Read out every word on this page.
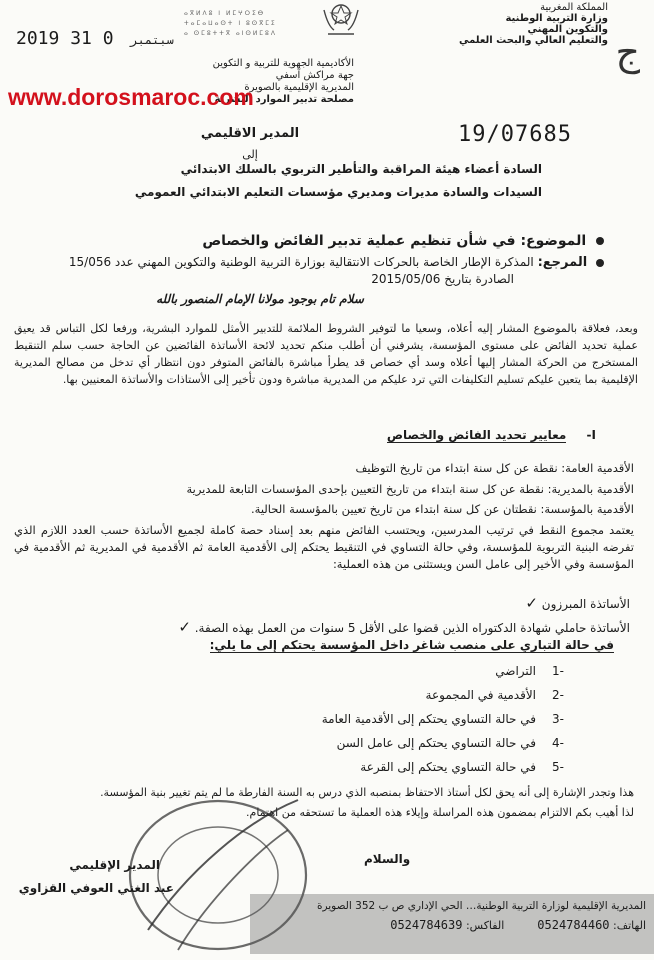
2019	سبتمبر 0 31
ⴰⴳⵍⴷⵓ ⵏ ⵍⵎⵖⵔⵉⴱ
ⵜⴰⵎⴰⵡⴰⵙⵜ ⵏ ⵓⵙⴳⵎⵉ
ⴰ ⵙⵎⵓⵜⵜⴳ ⴰⵏⵙⵍⵎⵓⴷ
المملكة المغربية
وزارة التربية الوطنية
والتكوين المهني
والتعليم العالي والبحث العلمي ج
الأكاديمية الجهوية للتربية و التكوين
جهة مراكش آسفي
المديرية الإقليمية بالصويرة
مصلحة تدبير الموارد البشرية
www.dorosmaroc.com
19/07685
المدير الاقليمي
إلى
السادة أعضاء هيئة المراقبة والتأطير التربوي بالسلك الابتدائي
السيدات والسادة مديرات ومديري مؤسسات التعليم الابتدائي العمومي
الموضوع: في شأن تنظيم عملية تدبير الفائض والخصاص
المرجع: المذكرة الإطار الخاصة بالحركات الانتقالية بوزارة التربية الوطنية والتكوين المهني عدد 15/056
الصادرة بتاريخ 2015/05/06
سلام تام بوجود مولانا الإمام المنصور بالله
وبعد، فعلاقة بالموضوع المشار إليه أعلاه، وسعيا ما لتوفير الشروط الملائمة للتدبير الأمثل للموارد البشرية، ورفعا لكل التباس قد يعيق عملية تحديد الفائض على مستوى المؤسسة، يشرفني أن أطلب منكم تحديد لائحة الأساتذة الفائضين عن الحاجة حسب سلم التنقيط المستخرج من الحركة المشار إليها أعلاه وسد أي خصاص قد يطرأ مباشرة بالفائض المتوفر دون انتظار أي تدخل من مصالح المديرية الإقليمية بما يتعين عليكم تسليم التكليفات التي ترد عليكم من المديرية مباشرة ودون تأخير إلى الأستاذات والأساتذة المعنيين بها.
I- معايير تحديد الفائض والخصاص
الأقدمية العامة: نقطة عن كل سنة ابتداء من تاريخ التوظيف
الأقدمية بالمديرية: نقطة عن كل سنة ابتداء من تاريخ التعيين بإحدى المؤسسات التابعة للمديرية
الأقدمية بالمؤسسة: نقطتان عن كل سنة ابتداء من تاريخ تعيين بالمؤسسة الحالية.
يعتمد مجموع النقط في ترتيب المدرسين، ويحتسب الفائض منهم بعد إسناد حصة كاملة لجميع الأساتذة حسب العدد اللازم الذي تفرضه البنية التربوية للمؤسسة، وفي حالة التساوي في التنقيط يحتكم إلى الأقدمية العامة ثم الأقدمية في المديرية ثم الأقدمية في المؤسسة وفي الأخير إلى عامل السن ويستثنى من هذه العملية:
الأساتذة المبرزون ✓
الأساتذة حاملي شهادة الدكتوراه الذين قضوا على الأقل 5 سنوات من العمل بهذه الصفة. ✓
في حالة التباري على منصب شاغر داخل المؤسسة يحتكم إلى ما يلي:
-1التراضي
-2الأقدمية في المجموعة
-3في حالة التساوي يحتكم إلى الأقدمية العامة
-4في حالة التساوي يحتكم إلى عامل السن
-5في حالة التساوي يحتكم إلى القرعة
هذا وتجدر الإشارة إلى أنه يحق لكل أستاذ الاحتفاظ بمنصبه الذي درس به السنة الفارطة ما لم يتم تغيير بنية المؤسسة.
لذا أهيب بكم الالتزام بمضمون هذه المراسلة وإيلاء هذه العملية ما تستحقه من اهتمام.
والسلام
المدير الإقليمي
عبد الغني العوفي القزاوي
المديرية الإقليمية لوزارة التربية الوطنية… الحي الإداري ص ب 352 الصويرة
الهاتف: 0524784460  الفاكس: 0524784639
